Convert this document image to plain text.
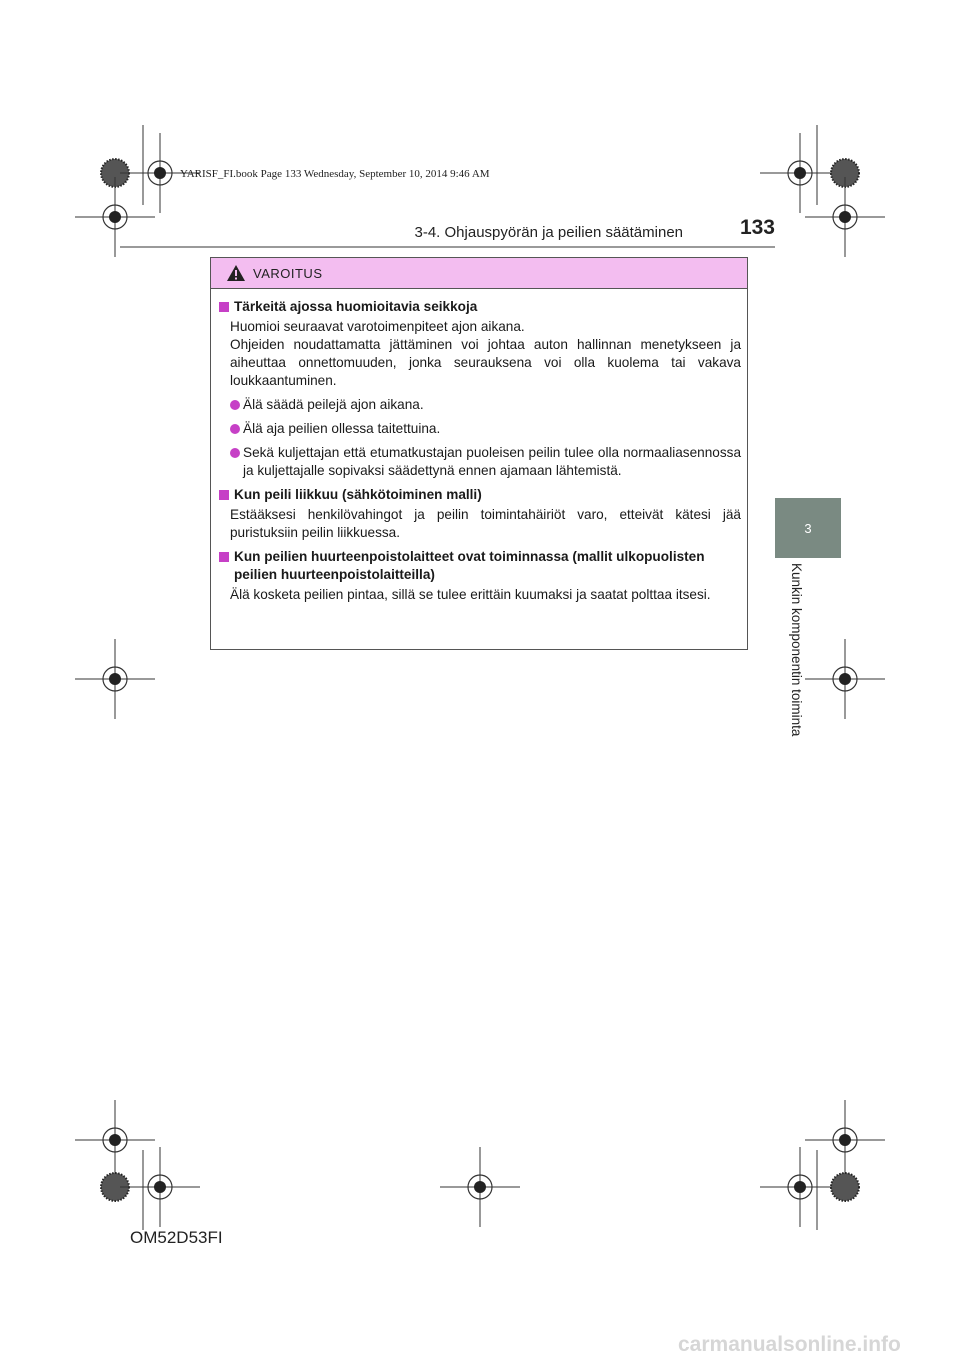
YARISF_FI.book Page 133 Wednesday, September 10, 2014 9:46 AM
3-4. Ohjauspyörän ja peilien säätäminen	133
3
Kunkin komponentin toiminta
VAROITUS
Tärkeitä ajossa huomioitavia seikkoja
Huomioi seuraavat varotoimenpiteet ajon aikana.
Ohjeiden noudattamatta jättäminen voi johtaa auton hallinnan menetykseen ja aiheuttaa onnettomuuden, jonka seurauksena voi olla kuolema tai vakava loukkaantuminen.
Älä säädä peilejä ajon aikana.
Älä aja peilien ollessa taitettuina.
Sekä kuljettajan että etumatkustajan puoleisen peilin tulee olla normaaliasennossa ja kuljettajalle sopivaksi säädettynä ennen ajamaan lähtemistä.
Kun peili liikkuu (sähkötoiminen malli)
Estääksesi henkilövahingot ja peilin toimintahäiriöt varo, etteivät kätesi jää puristuksiin peilin liikkuessa.
Kun peilien huurteenpoistolaitteet ovat toiminnassa (mallit ulkopuolisten peilien huurteenpoistolaitteilla)
Älä kosketa peilien pintaa, sillä se tulee erittäin kuumaksi ja saatat polttaa itsesi.
OM52D53FI
carmanualsonline.info
